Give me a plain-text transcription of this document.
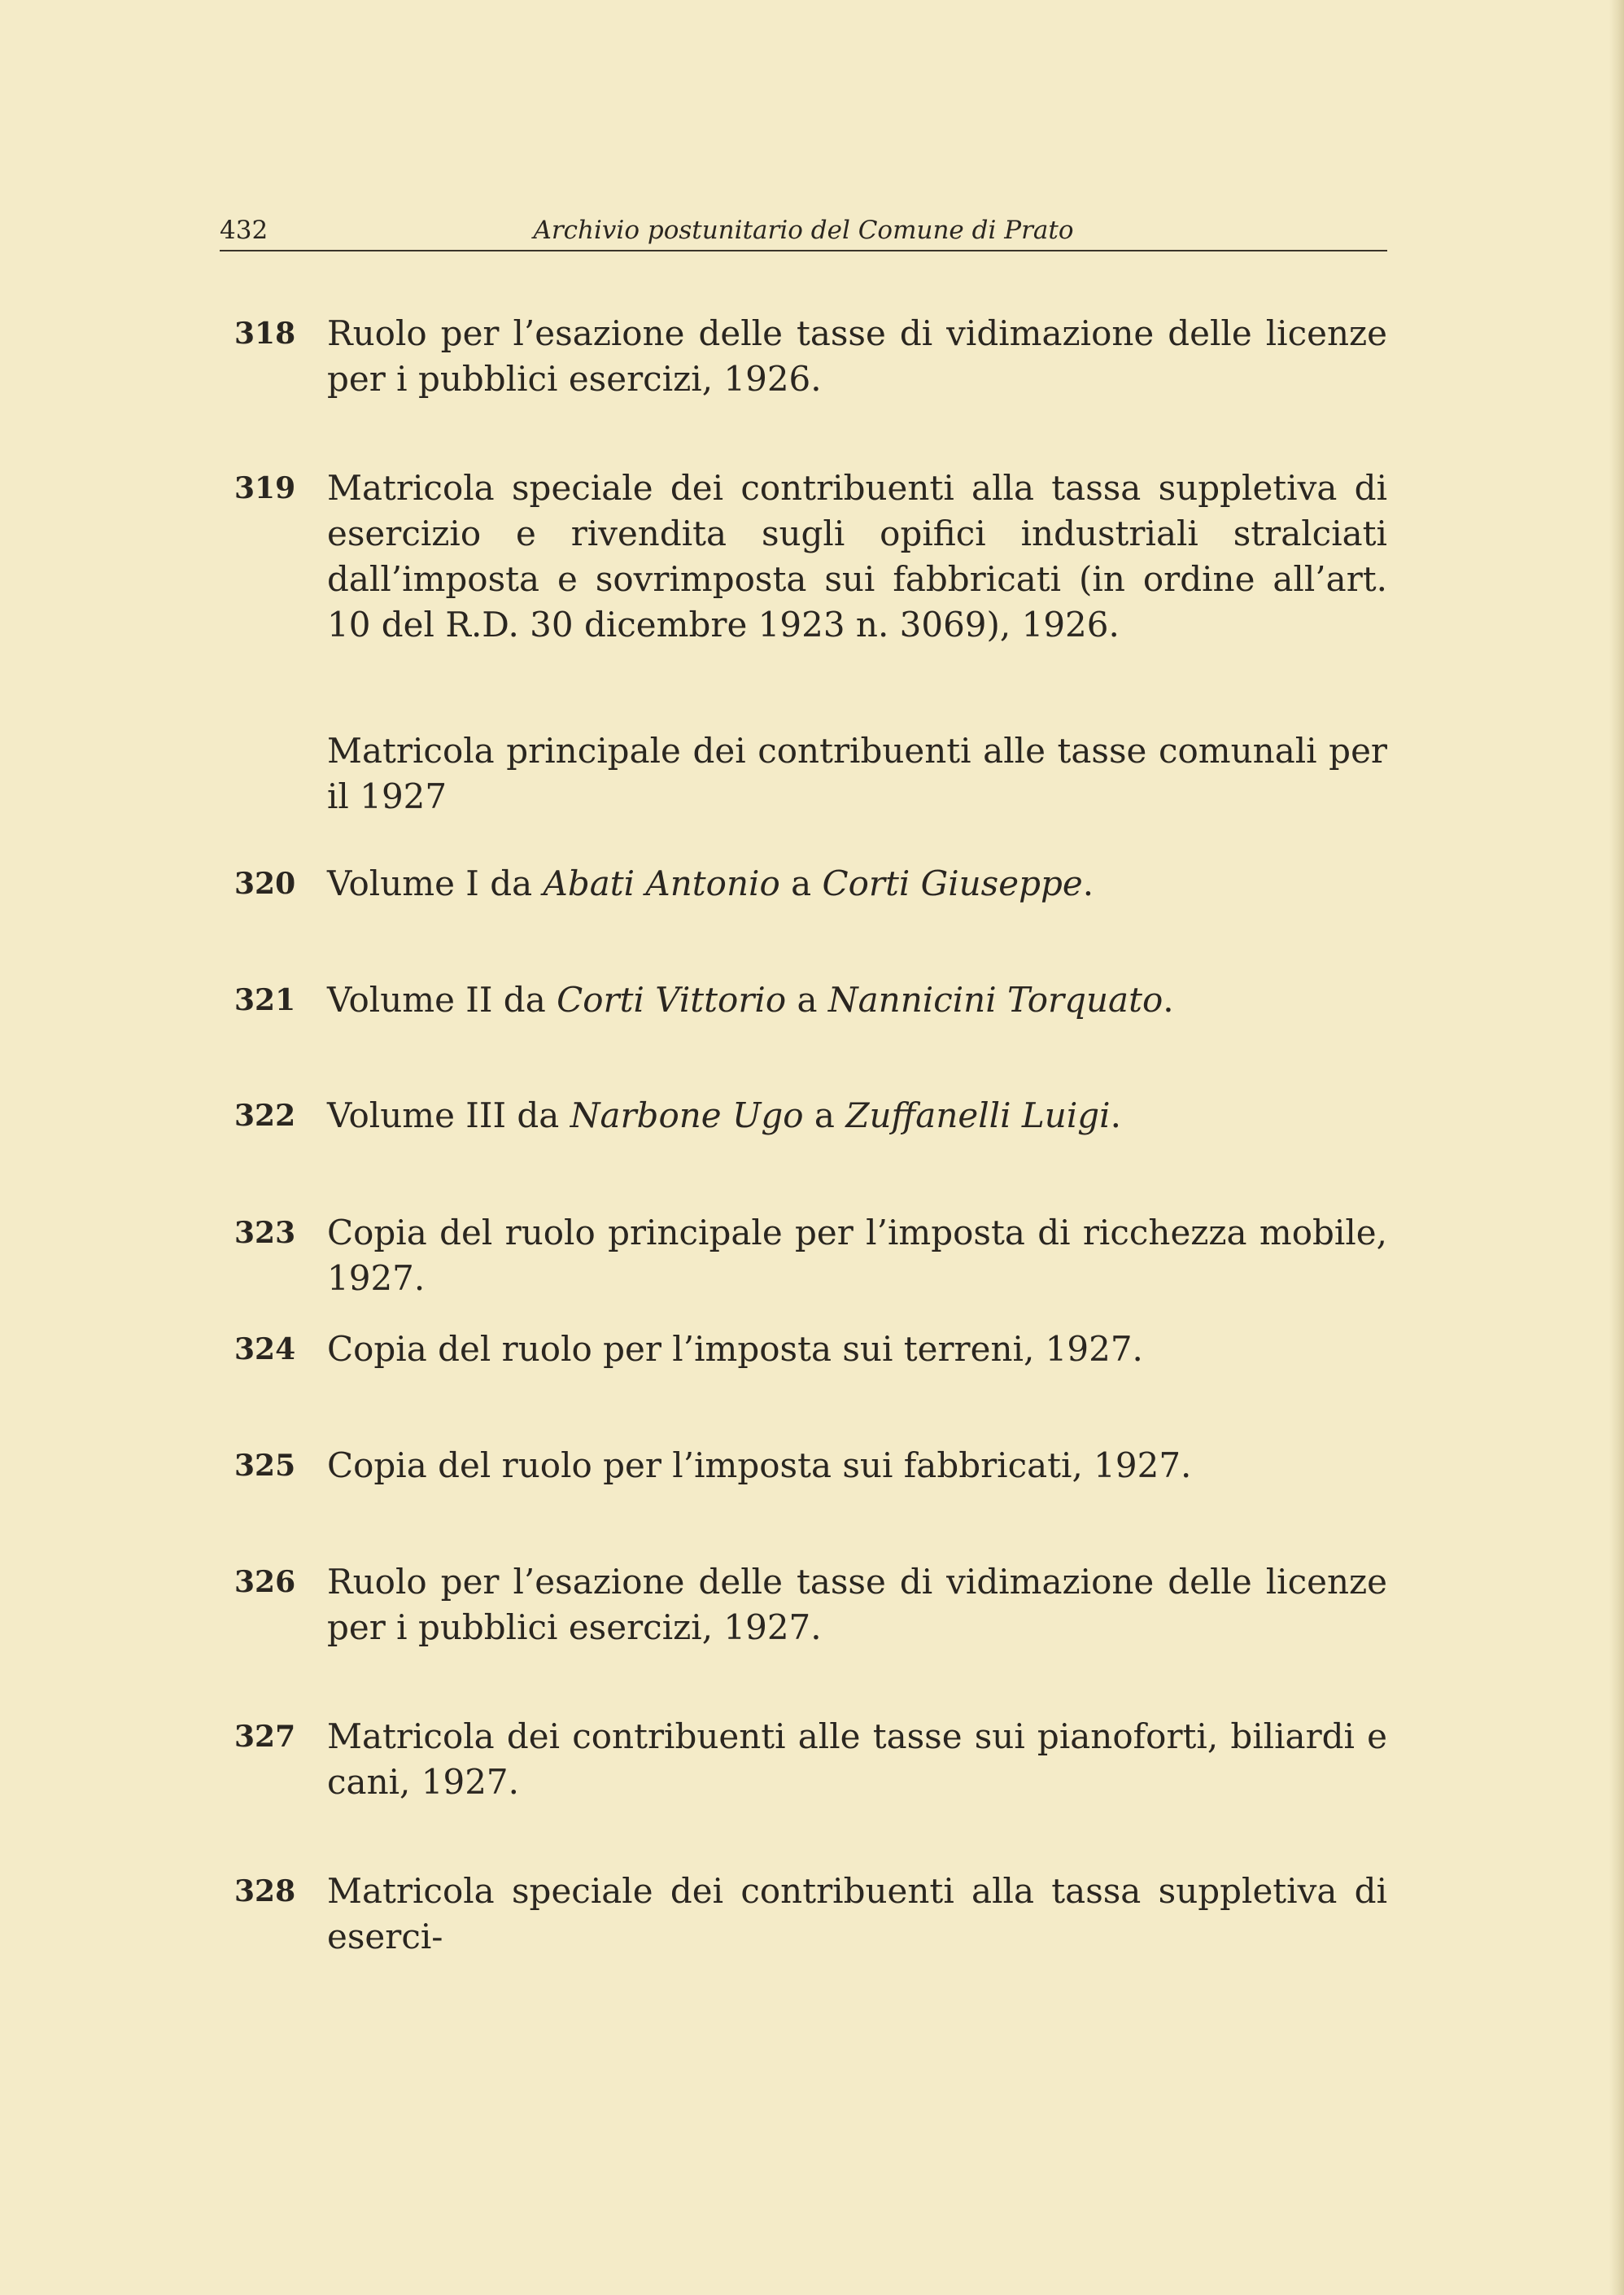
432	Archivio postunitario del Comune di Prato
318 Ruolo per l’esazione delle tasse di vidimazione delle licenze per i pubblici esercizi, 1926.
319 Matricola speciale dei contribuenti alla tassa suppletiva di esercizio e rivendita sugli opifici industriali stralciati dall’imposta e sovrimposta sui fabbricati (in ordine all’art. 10 del R.D. 30 dicembre 1923 n. 3069), 1926.
Matricola principale dei contribuenti alle tasse comunali per il 1927
320 Volume I da Abati Antonio a Corti Giuseppe.
321 Volume II da Corti Vittorio a Nannicini Torquato.
322 Volume III da Narbone Ugo a Zuffanelli Luigi.
323 Copia del ruolo principale per l’imposta di ricchezza mobile, 1927.
324 Copia del ruolo per l’imposta sui terreni, 1927.
325 Copia del ruolo per l’imposta sui fabbricati, 1927.
326 Ruolo per l’esazione delle tasse di vidimazione delle licenze per i pubblici esercizi, 1927.
327 Matricola dei contribuenti alle tasse sui pianoforti, biliardi e cani, 1927.
328 Matricola speciale dei contribuenti alla tassa suppletiva di eserci-
